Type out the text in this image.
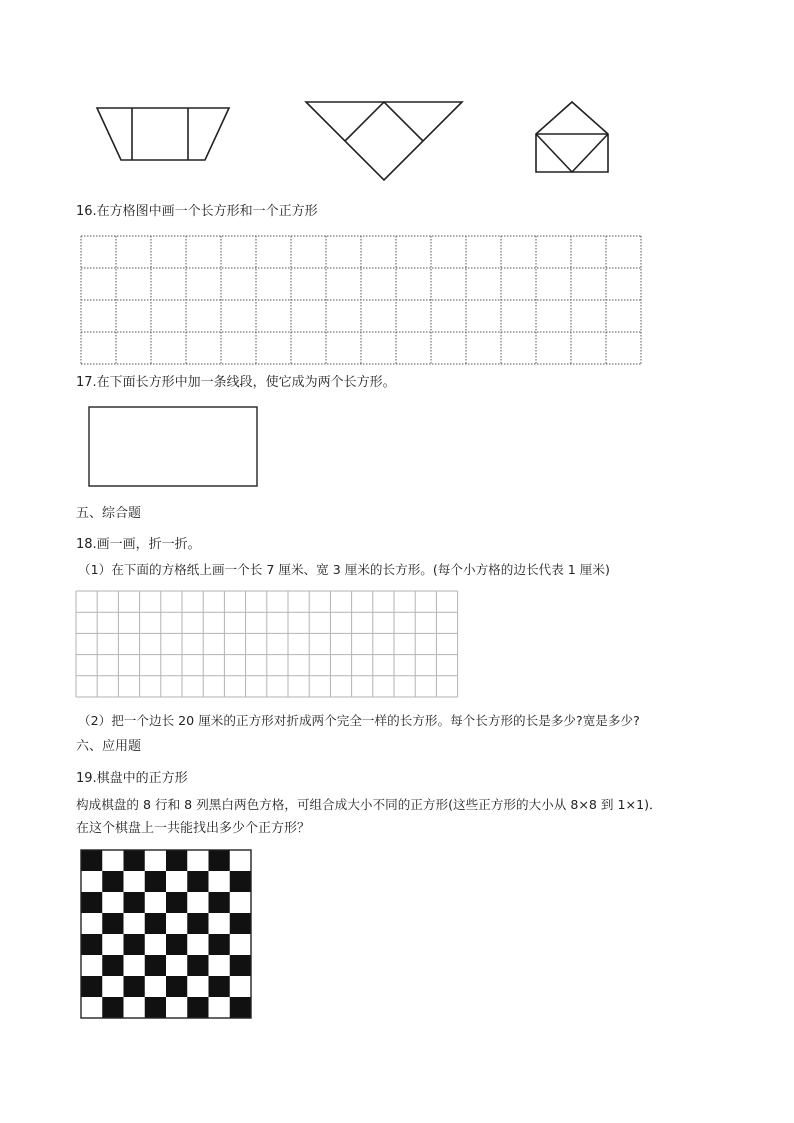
16.在方格图中画一个长方形和一个正方形
17.在下面长方形中加一条线段，使它成为两个长方形。
五、综合题
18.画一画，折一折。
（1）在下面的方格纸上画一个长 7 厘米、宽 3 厘米的长方形。(每个小方格的边长代表 1 厘米)
（2）把一个边长 20 厘米的正方形对折成两个完全一样的长方形。每个长方形的长是多少?宽是多少?
六、应用题
19.棋盘中的正方形
构成棋盘的 8 行和 8 列黑白两色方格，可组合成大小不同的正方形(这些正方形的大小从 8×8 到 1×1)．
在这个棋盘上一共能找出多少个正方形？
